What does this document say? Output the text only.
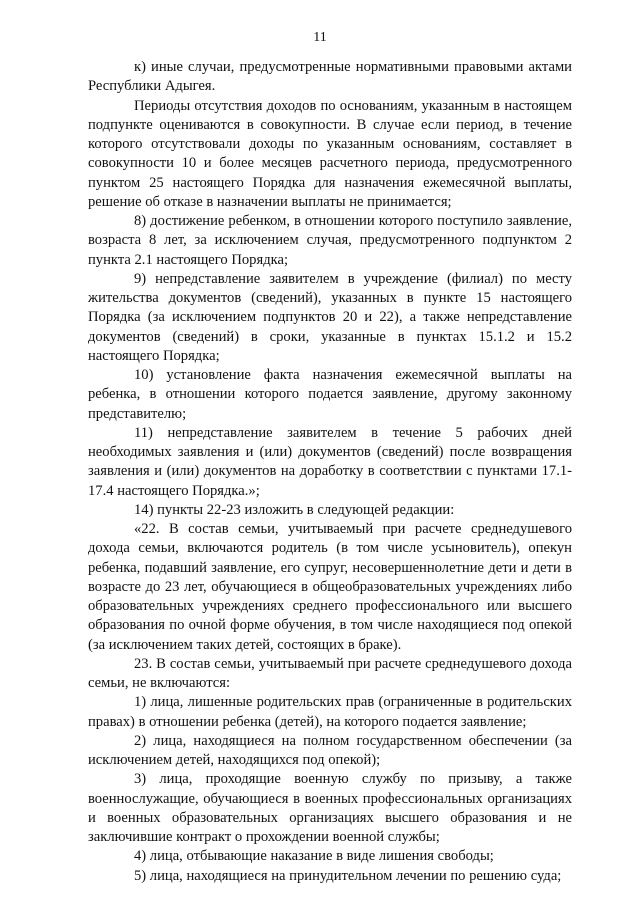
11

к) иные случаи, предусмотренные нормативными правовыми актами Республики Адыгея.

Периоды отсутствия доходов по основаниям, указанным в настоящем подпункте оцениваются в совокупности. В случае если период, в течение которого отсутствовали доходы по указанным основаниям, составляет в совокупности 10 и более месяцев расчетного периода, предусмотренного пунктом 25 настоящего Порядка для назначения ежемесячной выплаты, решение об отказе в назначении выплаты не принимается;

8) достижение ребенком, в отношении которого поступило заявление, возраста 8 лет, за исключением случая, предусмотренного подпунктом 2 пункта 2.1 настоящего Порядка;

9) непредставление заявителем в учреждение (филиал) по месту жительства документов (сведений), указанных в пункте 15 настоящего Порядка (за исключением подпунктов 20 и 22), а также непредставление документов (сведений) в сроки, указанные в пунктах 15.1.2 и 15.2 настоящего Порядка;

10) установление факта назначения ежемесячной выплаты на ребенка, в отношении которого подается заявление, другому законному представителю;

11) непредставление заявителем в течение 5 рабочих дней необходимых заявления и (или) документов (сведений) после возвращения заявления и (или) документов на доработку в соответствии с пунктами 17.1-17.4 настоящего Порядка.»;

14) пункты 22-23 изложить в следующей редакции:

«22. В состав семьи, учитываемый при расчете среднедушевого дохода семьи, включаются родитель (в том числе усыновитель), опекун ребенка, подавший заявление, его супруг, несовершеннолетние дети и дети в возрасте до 23 лет, обучающиеся в общеобразовательных учреждениях либо образовательных учреждениях среднего профессионального или высшего образования по очной форме обучения, в том числе находящиеся под опекой (за исключением таких детей, состоящих в браке).

23. В состав семьи, учитываемый при расчете среднедушевого дохода семьи, не включаются:

1) лица, лишенные родительских прав (ограниченные в родительских правах) в отношении ребенка (детей), на которого подается заявление;

2) лица, находящиеся на полном государственном обеспечении (за исключением детей, находящихся под опекой);

3) лица, проходящие военную службу по призыву, а также военнослужащие, обучающиеся в военных профессиональных организациях и военных образовательных организациях высшего образования и не заключившие контракт о прохождении военной службы;

4) лица, отбывающие наказание в виде лишения свободы;

5) лица, находящиеся на принудительном лечении по решению суда;
